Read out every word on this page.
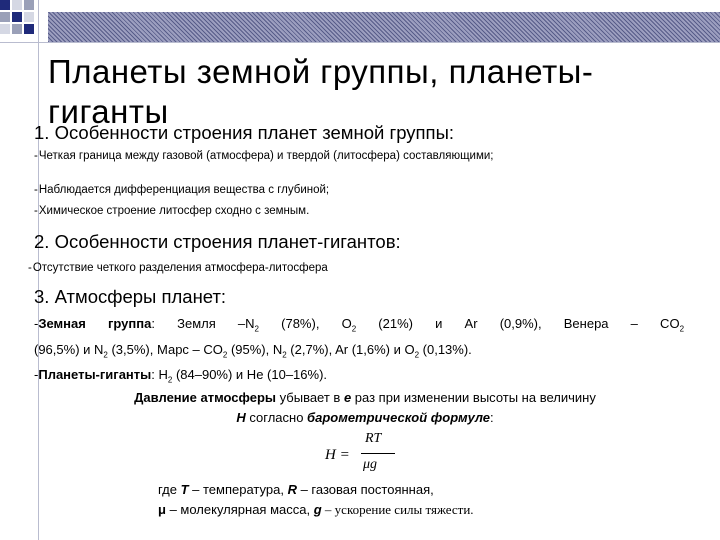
Планеты земной группы, планеты-гиганты
1. Особенности строения планет земной группы:
-Четкая граница между газовой (атмосфера) и твердой (литосфера) составляющими;
-Наблюдается дифференциация вещества с глубиной;
-Химическое строение литосфер сходно с земным.
2. Особенности строения планет-гигантов:
-Отсутствие четкого разделения атмосфера-литосфера
3. Атмосферы планет:

-Земная группа: Земля $-N_2$ (78%), $O_2$ (21%) и Ar (0,9%), Венера – $CO_2$

(96,5%) и $N_2$ (3,5%), Марс – $CO_2$ (95%), $N_2$ (2,7%), Ar (1,6%) и $O_2$ (0,13%).

-Планеты-гиганты: $H_2$ (84–90%) и He (10–16%).

Давление атмосферы убывает в e раз при изменении высоты на величину
H согласно барометрической формуле:
H =
RT
μg
где T – температура, R – газовая постоянная,
μ – молекулярная масса, g – ускорение силы тяжести.
